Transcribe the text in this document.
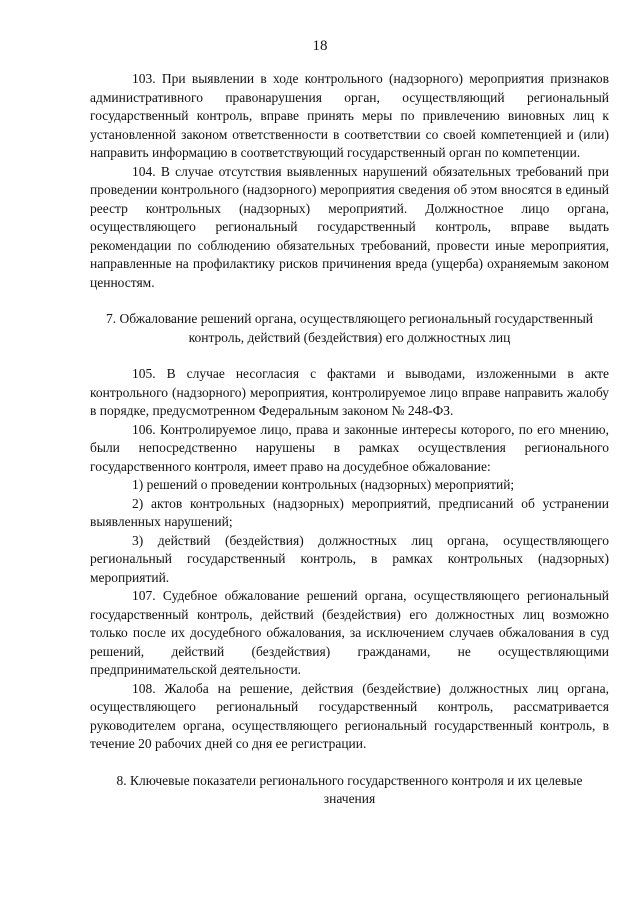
18

103. При выявлении в ходе контрольного (надзорного) мероприятия признаков административного правонарушения орган, осуществляющий региональный государственный контроль, вправе принять меры по привлечению виновных лиц к установленной законом ответственности в соответствии со своей компетенцией и (или) направить информацию в соответствующий государственный орган по компетенции.

104. В случае отсутствия выявленных нарушений обязательных требований при проведении контрольного (надзорного) мероприятия сведения об этом вносятся в единый реестр контрольных (надзорных) мероприятий. Должностное лицо органа, осуществляющего региональный государственный контроль, вправе выдать рекомендации по соблюдению обязательных требований, провести иные мероприятия, направленные на профилактику рисков причинения вреда (ущерба) охраняемым законом ценностям.

7. Обжалование решений органа, осуществляющего региональный государственный контроль, действий (бездействия) его должностных лиц

105. В случае несогласия с фактами и выводами, изложенными в акте контрольного (надзорного) мероприятия, контролируемое лицо вправе направить жалобу в порядке, предусмотренном Федеральным законом № 248-ФЗ.

106. Контролируемое лицо, права и законные интересы которого, по его мнению, были непосредственно нарушены в рамках осуществления регионального государственного контроля, имеет право на досудебное обжалование:

1) решений о проведении контрольных (надзорных) мероприятий;

2) актов контрольных (надзорных) мероприятий, предписаний об устранении выявленных нарушений;

3) действий (бездействия) должностных лиц органа, осуществляющего региональный государственный контроль, в рамках контрольных (надзорных) мероприятий.

107. Судебное обжалование решений органа, осуществляющего региональный государственный контроль, действий (бездействия) его должностных лиц возможно только после их досудебного обжалования, за исключением случаев обжалования в суд решений, действий (бездействия) гражданами, не осуществляющими предпринимательской деятельности.

108. Жалоба на решение, действия (бездействие) должностных лиц органа, осуществляющего региональный государственный контроль, рассматривается руководителем органа, осуществляющего региональный государственный контроль, в течение 20 рабочих дней со дня ее регистрации.

8. Ключевые показатели регионального государственного контроля и их целевые значения
